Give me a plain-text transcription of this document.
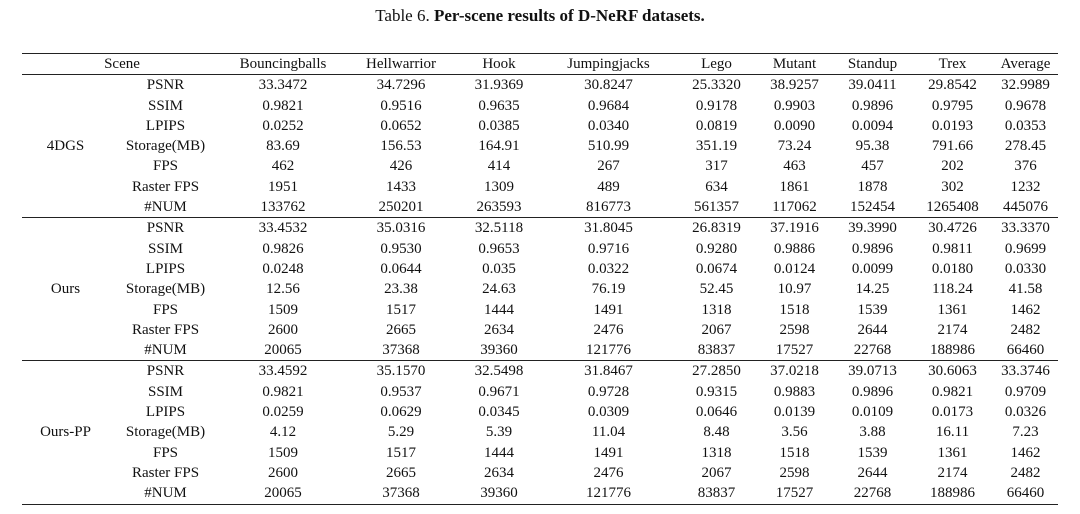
Table 6. Per-scene results of D-NeRF datasets.
Scene		Bouncingballs	Hellwarrior	Hook	Jumpingjacks	Lego	Mutant	Standup	Trex	Average
4DGS	PSNR	33.3472	34.7296	31.9369	30.8247	25.3320	38.9257	39.0411	29.8542	32.9989
	SSIM	0.9821	0.9516	0.9635	0.9684	0.9178	0.9903	0.9896	0.9795	0.9678
	LPIPS	0.0252	0.0652	0.0385	0.0340	0.0819	0.0090	0.0094	0.0193	0.0353
	Storage(MB)	83.69	156.53	164.91	510.99	351.19	73.24	95.38	791.66	278.45
	FPS	462	426	414	267	317	463	457	202	376
	Raster FPS	1951	1433	1309	489	634	1861	1878	302	1232
	#NUM	133762	250201	263593	816773	561357	117062	152454	1265408	445076
Ours	PSNR	33.4532	35.0316	32.5118	31.8045	26.8319	37.1916	39.3990	30.4726	33.3370
	SSIM	0.9826	0.9530	0.9653	0.9716	0.9280	0.9886	0.9896	0.9811	0.9699
	LPIPS	0.0248	0.0644	0.035	0.0322	0.0674	0.0124	0.0099	0.0180	0.0330
	Storage(MB)	12.56	23.38	24.63	76.19	52.45	10.97	14.25	118.24	41.58
	FPS	1509	1517	1444	1491	1318	1518	1539	1361	1462
	Raster FPS	2600	2665	2634	2476	2067	2598	2644	2174	2482
	#NUM	20065	37368	39360	121776	83837	17527	22768	188986	66460
Ours-PP	PSNR	33.4592	35.1570	32.5498	31.8467	27.2850	37.0218	39.0713	30.6063	33.3746
	SSIM	0.9821	0.9537	0.9671	0.9728	0.9315	0.9883	0.9896	0.9821	0.9709
	LPIPS	0.0259	0.0629	0.0345	0.0309	0.0646	0.0139	0.0109	0.0173	0.0326
	Storage(MB)	4.12	5.29	5.39	11.04	8.48	3.56	3.88	16.11	7.23
	FPS	1509	1517	1444	1491	1318	1518	1539	1361	1462
	Raster FPS	2600	2665	2634	2476	2067	2598	2644	2174	2482
	#NUM	20065	37368	39360	121776	83837	17527	22768	188986	66460
